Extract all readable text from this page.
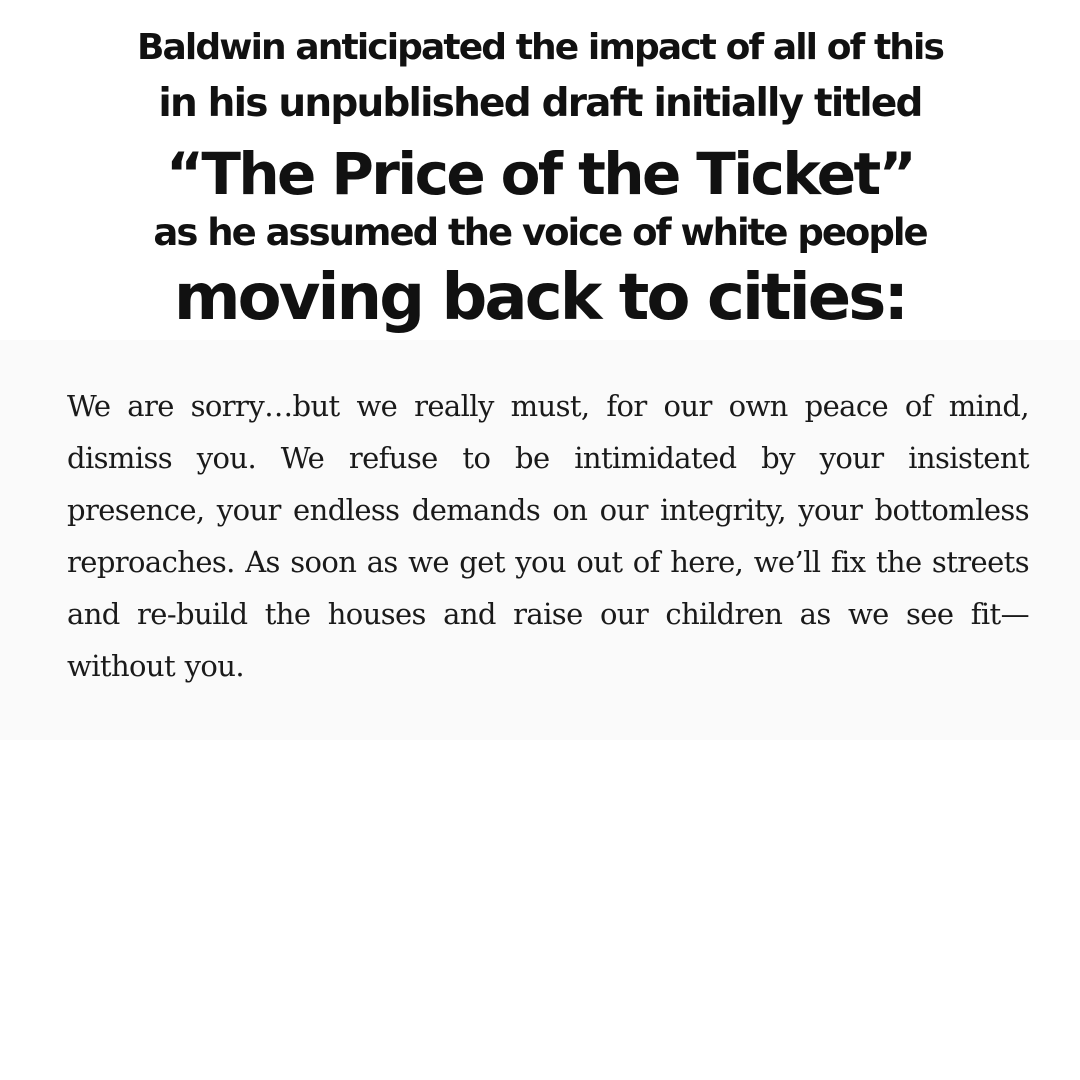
Baldwin anticipated the impact of all of this
in his unpublished draft initially titled
“The Price of the Ticket”
as he assumed the voice of white people
moving back to cities:

We are sorry…but we really must, for our own peace of mind, dismiss you. We refuse to be intimidated by your insistent presence, your endless demands on our integrity, your bottomless reproaches. As soon as we get you out of here, we’ll fix the streets and re-build the houses and raise our children as we see fit—without you.
